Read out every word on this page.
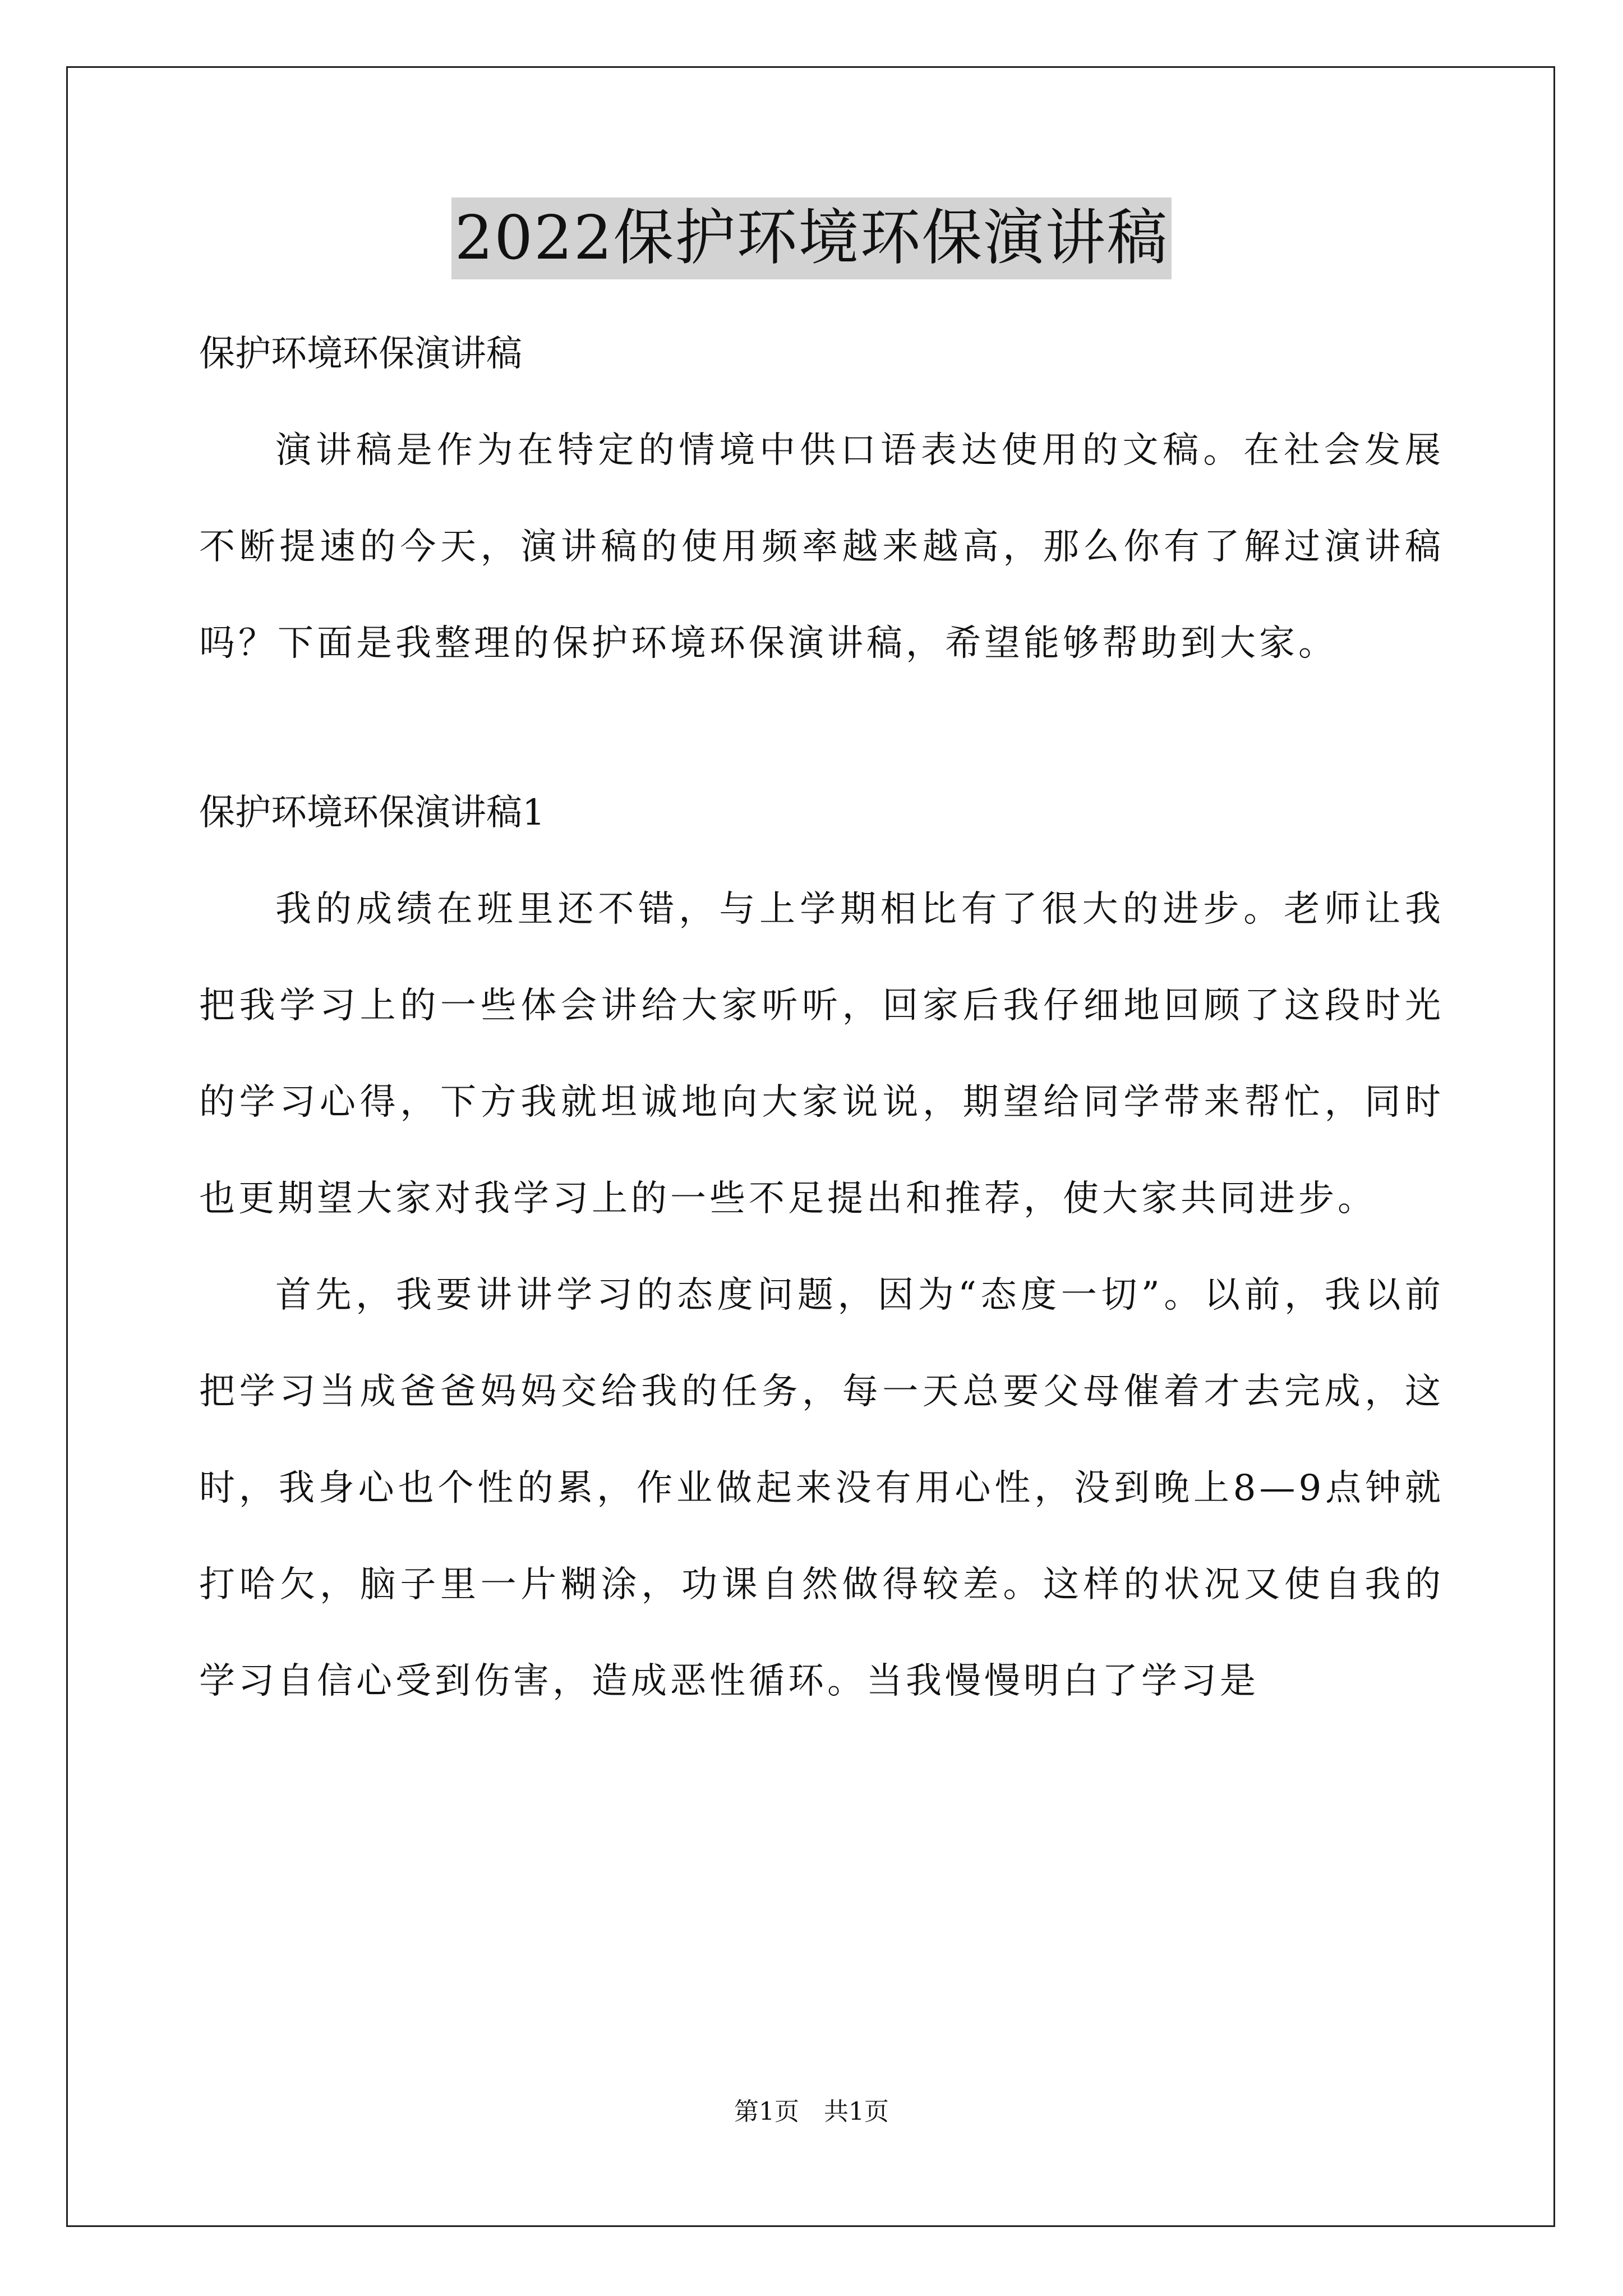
2022保护环境环保演讲稿

保护环境环保演讲稿

演讲稿是作为在特定的情境中供口语表达使用的文稿。在社会发展不断提速的今天，演讲稿的使用频率越来越高，那么你有了解过演讲稿吗？下面是我整理的保护环境环保演讲稿，希望能够帮助到大家。

保护环境环保演讲稿1

我的成绩在班里还不错，与上学期相比有了很大的进步。老师让我把我学习上的一些体会讲给大家听听，回家后我仔细地回顾了这段时光的学习心得，下方我就坦诚地向大家说说，期望给同学带来帮忙，同时也更期望大家对我学习上的一些不足提出和推荐，使大家共同进步。

首先，我要讲讲学习的态度问题，因为“态度一切”。以前，我以前把学习当成爸爸妈妈交给我的任务，每一天总要父母催着才去完成，这时，我身心也个性的累，作业做起来没有用心性，没到晚上8—9点钟就打哈欠，脑子里一片糊涂，功课自然做得较差。这样的状况又使自我的学习自信心受到伤害，造成恶性循环。当我慢慢明白了学习是

第1页　共1页
